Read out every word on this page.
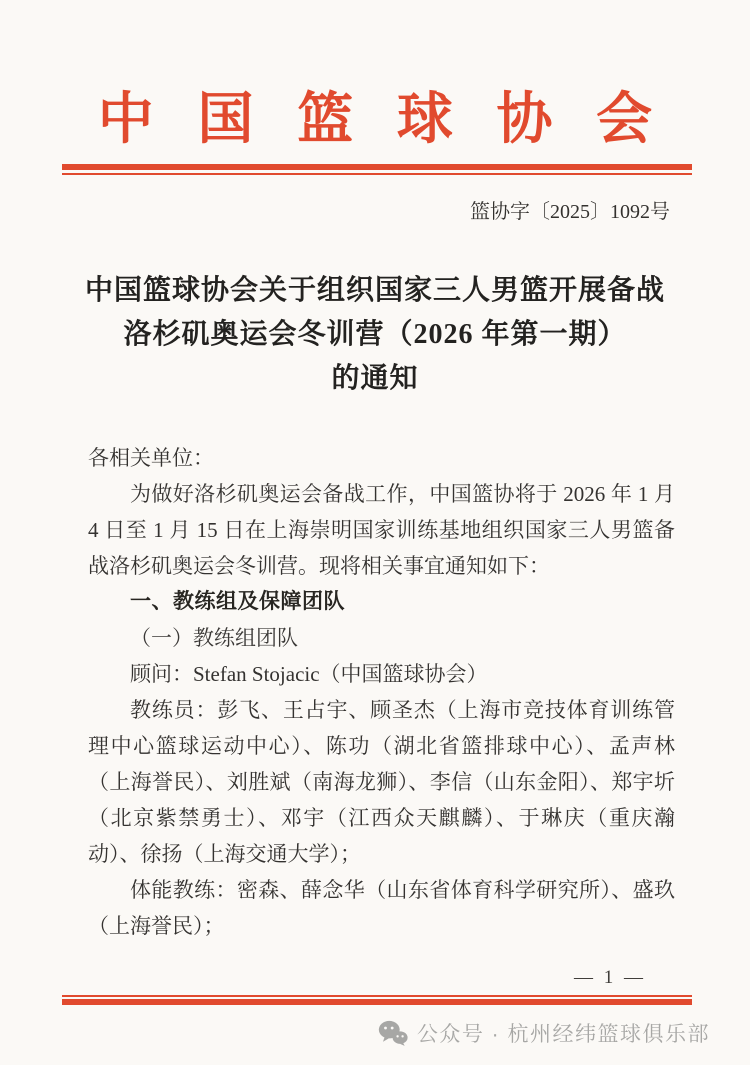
中国篮球协会
篮协字〔2025〕1092号
中国篮球协会关于组织国家三人男篮开展备战
洛杉矶奥运会冬训营（2026 年第一期）
的通知

各相关单位：

为做好洛杉矶奥运会备战工作，中国篮协将于 2026 年 1 月 4 日至 1 月 15 日在上海崇明国家训练基地组织国家三人男篮备战洛杉矶奥运会冬训营。现将相关事宜通知如下：

一、教练组及保障团队

（一）教练组团队

顾问：Stefan Stojacic（中国篮球协会）

教练员：彭飞、王占宇、顾圣杰（上海市竞技体育训练管理中心篮球运动中心）、陈功（湖北省篮排球中心）、孟声林（上海誉民）、刘胜斌（南海龙狮）、李信（山东金阳）、郑宇圻（北京紫禁勇士）、邓宇（江西众天麒麟）、于琳庆（重庆瀚动）、徐扬（上海交通大学）；

体能教练：密森、薛念华（山东省体育科学研究所）、盛玖（上海誉民）；

— 1 —
公众号 · 杭州经纬篮球俱乐部
